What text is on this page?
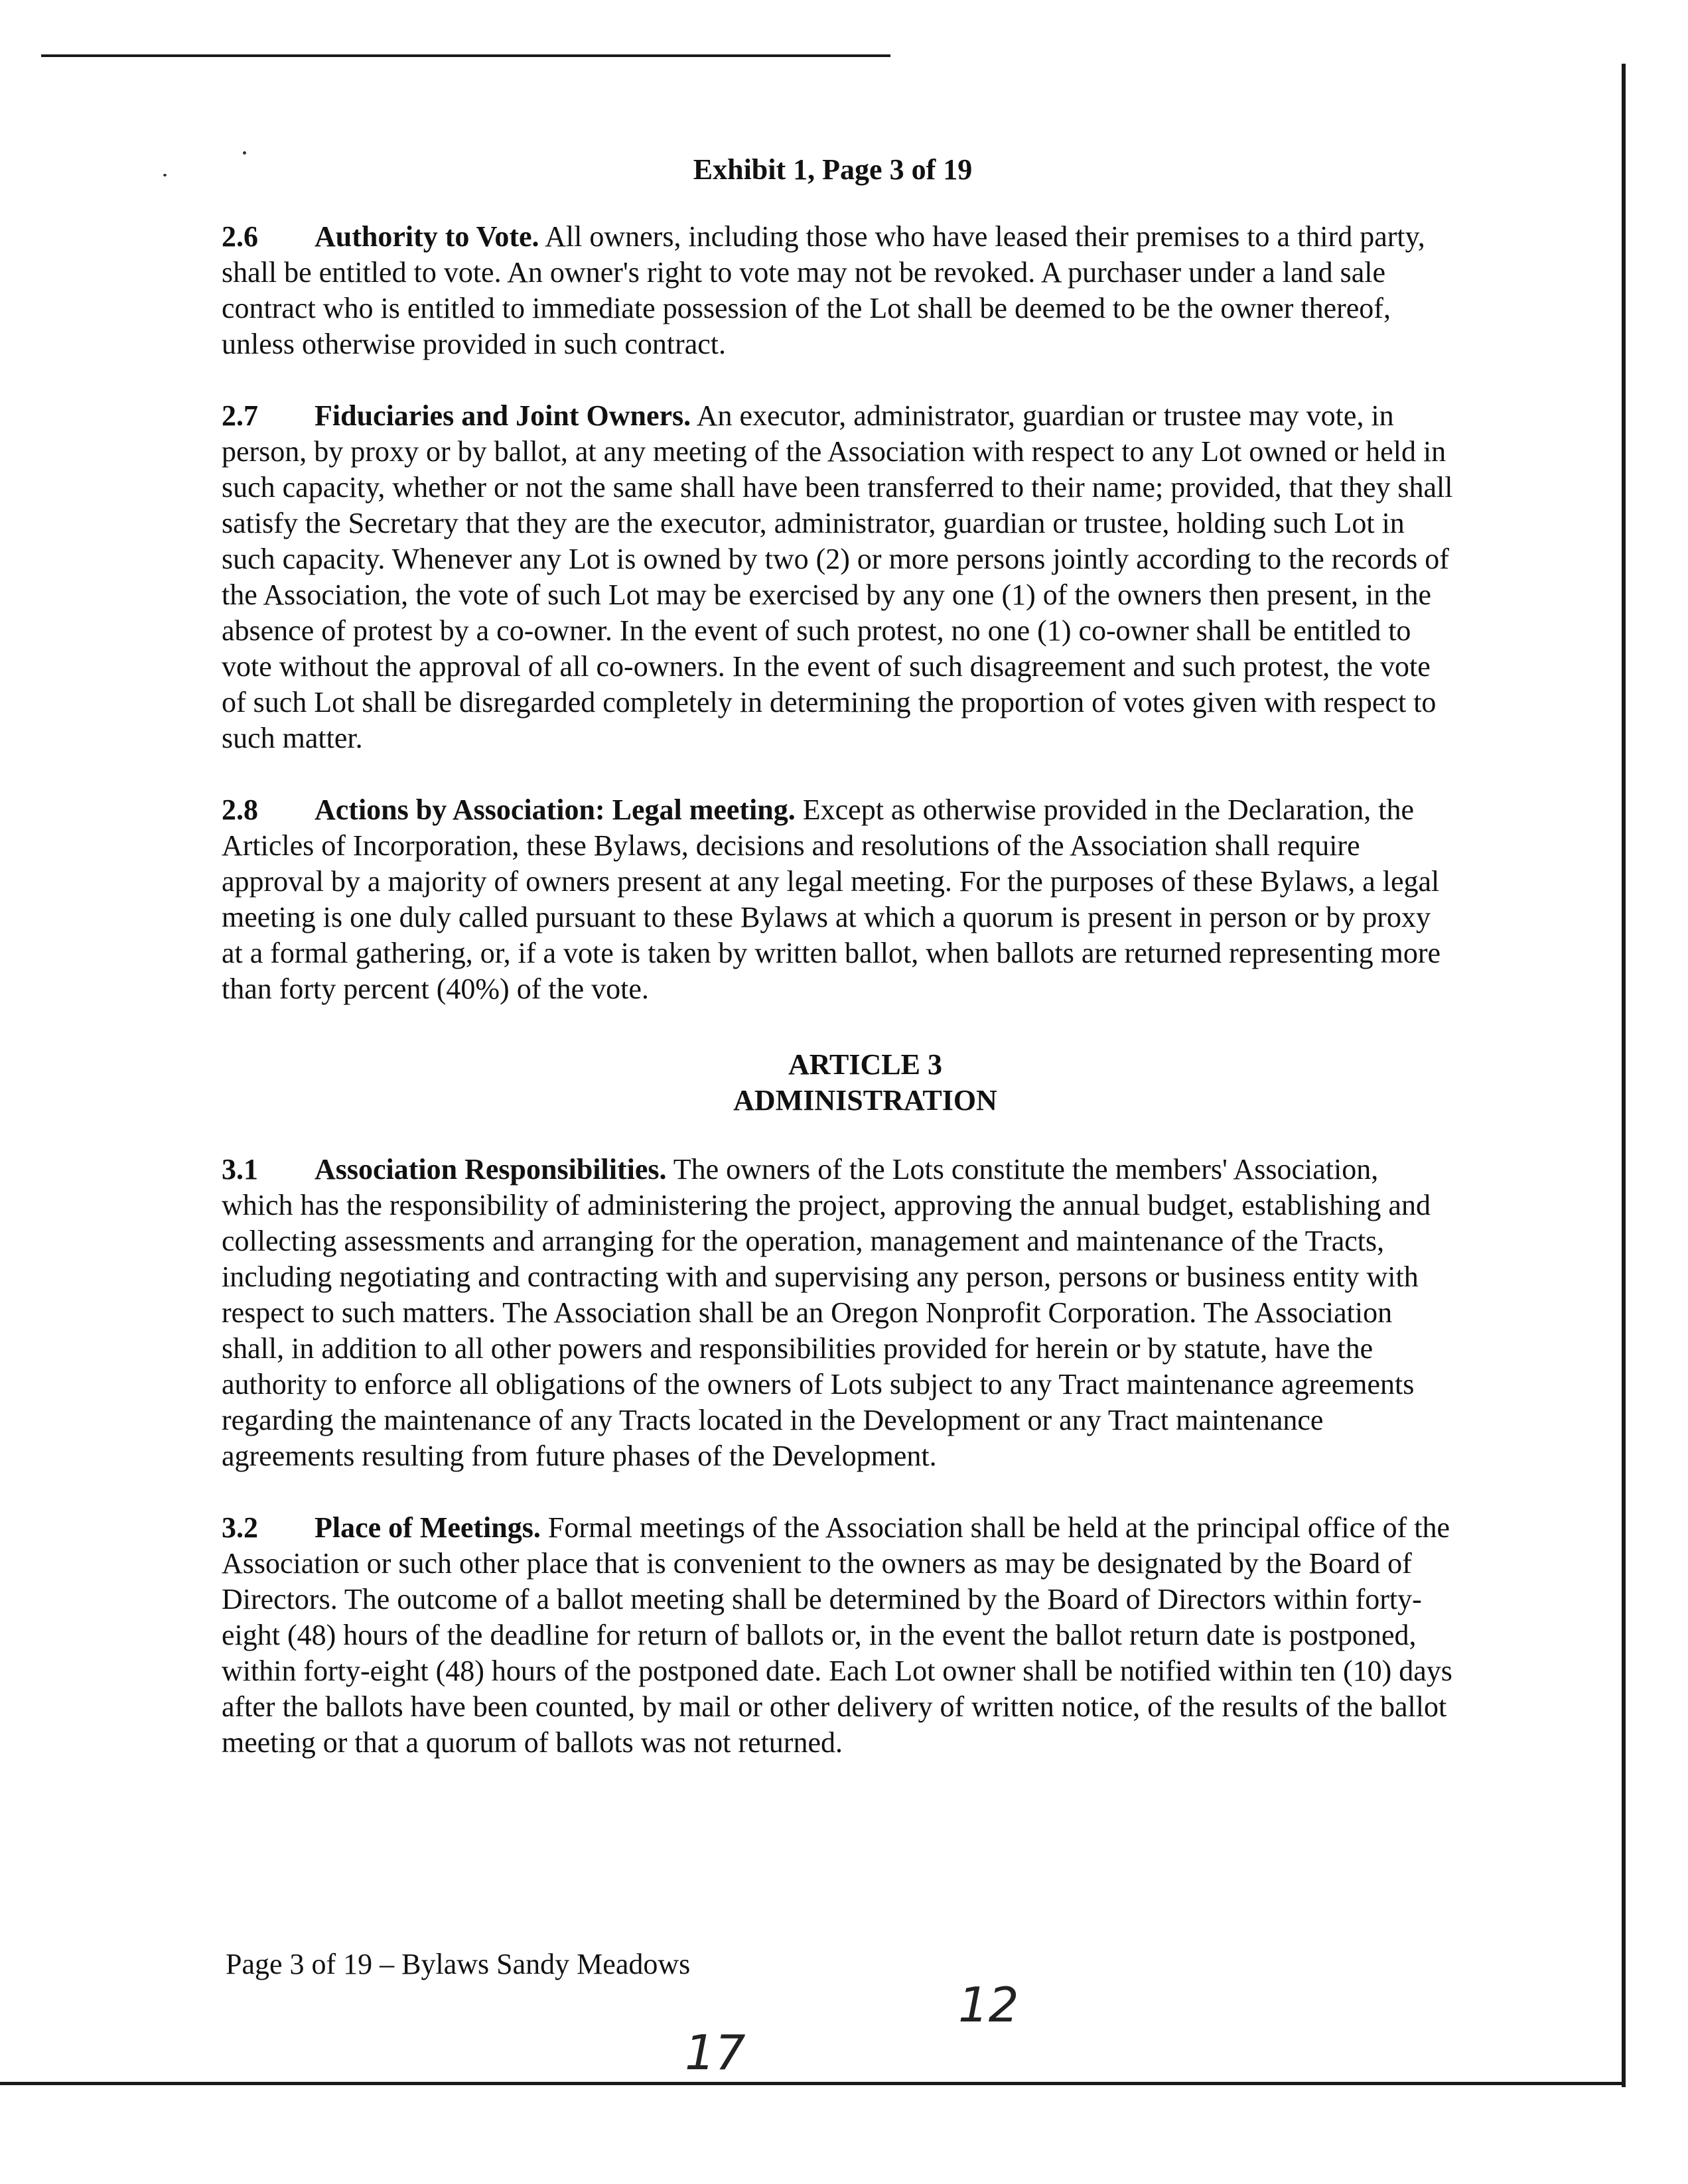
Exhibit 1, Page 3 of 19
2.6 Authority to Vote. All owners, including those who have leased their premises to a third party, shall be entitled to vote. An owner's right to vote may not be revoked. A purchaser under a land sale contract who is entitled to immediate possession of the Lot shall be deemed to be the owner thereof, unless otherwise provided in such contract.
2.7 Fiduciaries and Joint Owners. An executor, administrator, guardian or trustee may vote, in person, by proxy or by ballot, at any meeting of the Association with respect to any Lot owned or held in such capacity, whether or not the same shall have been transferred to their name; provided, that they shall satisfy the Secretary that they are the executor, administrator, guardian or trustee, holding such Lot in such capacity. Whenever any Lot is owned by two (2) or more persons jointly according to the records of the Association, the vote of such Lot may be exercised by any one (1) of the owners then present, in the absence of protest by a co-owner. In the event of such protest, no one (1) co-owner shall be entitled to vote without the approval of all co-owners. In the event of such disagreement and such protest, the vote of such Lot shall be disregarded completely in determining the proportion of votes given with respect to such matter.
2.8 Actions by Association: Legal meeting. Except as otherwise provided in the Declaration, the Articles of Incorporation, these Bylaws, decisions and resolutions of the Association shall require approval by a majority of owners present at any legal meeting. For the purposes of these Bylaws, a legal meeting is one duly called pursuant to these Bylaws at which a quorum is present in person or by proxy at a formal gathering, or, if a vote is taken by written ballot, when ballots are returned representing more than forty percent (40%) of the vote.
ARTICLE 3
ADMINISTRATION
3.1 Association Responsibilities. The owners of the Lots constitute the members' Association, which has the responsibility of administering the project, approving the annual budget, establishing and collecting assessments and arranging for the operation, management and maintenance of the Tracts, including negotiating and contracting with and supervising any person, persons or business entity with respect to such matters. The Association shall be an Oregon Nonprofit Corporation. The Association shall, in addition to all other powers and responsibilities provided for herein or by statute, have the authority to enforce all obligations of the owners of Lots subject to any Tract maintenance agreements regarding the maintenance of any Tracts located in the Development or any Tract maintenance agreements resulting from future phases of the Development.
3.2 Place of Meetings. Formal meetings of the Association shall be held at the principal office of the Association or such other place that is convenient to the owners as may be designated by the Board of Directors. The outcome of a ballot meeting shall be determined by the Board of Directors within forty-eight (48) hours of the deadline for return of ballots or, in the event the ballot return date is postponed, within forty-eight (48) hours of the postponed date. Each Lot owner shall be notified within ten (10) days after the ballots have been counted, by mail or other delivery of written notice, of the results of the ballot meeting or that a quorum of ballots was not returned.
Page 3 of 19 – Bylaws Sandy Meadows
12
17
